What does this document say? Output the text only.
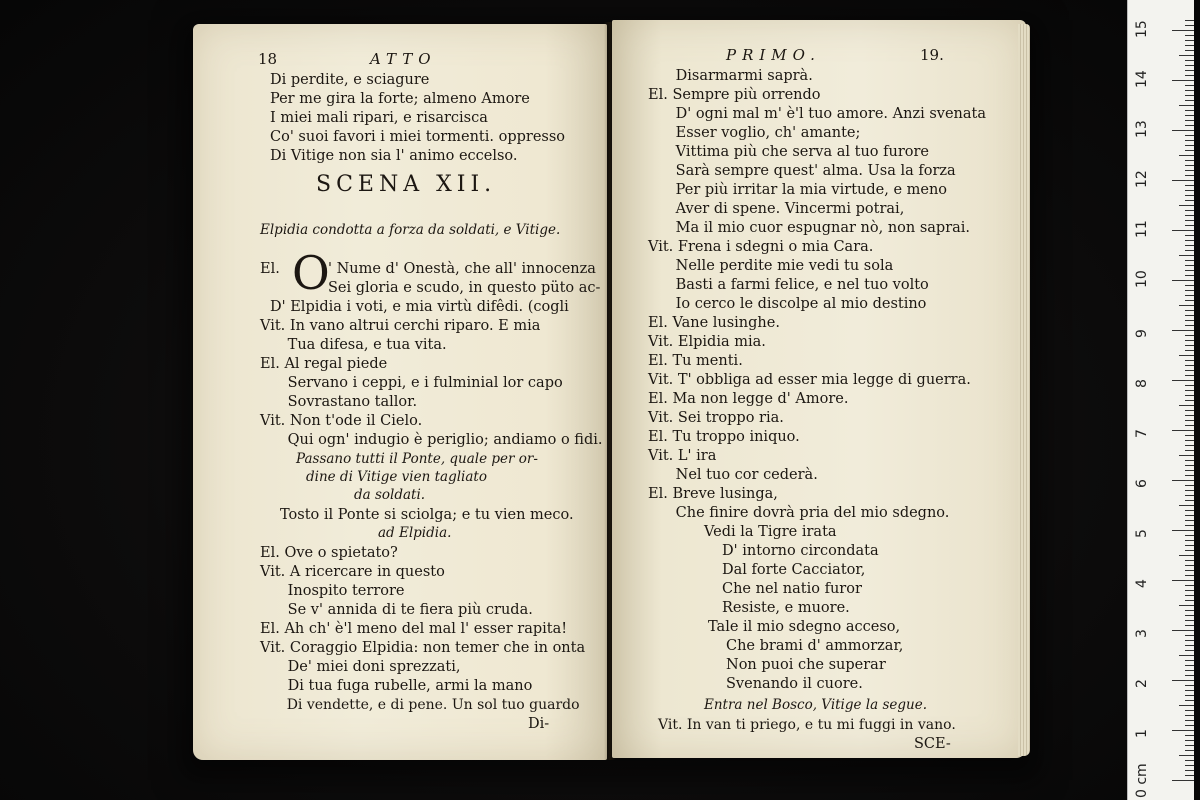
18	ATTO
Di perdite, e sciagure
Per me gira la forte; almeno Amore
I miei mali ripari, e risarcisca
Co' suoi favori i miei tormenti. oppresso
Di Vitige non sia l' animo eccelso.
SCENA XII.
Elpidia condotta a forza da soldati, e Vitige.
El. O
' Nume d' Onestà, che all' innocenza
Sei gloria e scudo, in questo püto ac-
D' Elpidia i voti, e mia virtù difêdi. (cogli
Vit. In vano altrui cerchi riparo. E mia
Tua difesa, e tua vita.
El. Al regal piede
Servano i ceppi, e i fulminial lor capo
Sovrastano tallor.
Vit. Non t'ode il Cielo.
Qui ogn' indugio è periglio; andiamo o fidi.
Passano tutti il Ponte, quale per or-
dine di Vitige vien tagliato
da soldati.
Tosto il Ponte si sciolga; e tu vien meco.
ad Elpidia.
El. Ove o spietato?
Vit. A ricercare in questo
Inospito terrore
Se v' annida di te fiera più cruda.
El. Ah ch' è'l meno del mal l' esser rapita!
Vit. Coraggio Elpidia: non temer che in onta
De' miei doni sprezzati,
Di tua fuga rubelle, armi la mano
Di vendette, e di pene. Un sol tuo guardo
Di-
PRIMO.	19.
Disarmarmi saprà.
El. Sempre più orrendo
D' ogni mal m' è'l tuo amore. Anzi svenata
Esser voglio, ch' amante;
Vittima più che serva al tuo furore
Sarà sempre quest' alma. Usa la forza
Per più irritar la mia virtude, e meno
Aver di spene. Vincermi potrai,
Ma il mio cuor espugnar nò, non saprai.
Vit. Frena i sdegni o mia Cara.
Nelle perdite mie vedi tu sola
Basti a farmi felice, e nel tuo volto
Io cerco le discolpe al mio destino
El. Vane lusinghe.
Vit. Elpidia mia.
El. Tu menti.
Vit. T' obbliga ad esser mia legge di guerra.
El. Ma non legge d' Amore.
Vit. Sei troppo ria.
El. Tu troppo iniquo.
Vit. L' ira
Nel tuo cor cederà.
El. Breve lusinga,
Che finire dovrà pria del mio sdegno.
Vedi la Tigre irata
D' intorno circondata
Dal forte Cacciator,
Che nel natio furor
Resiste, e muore.
Tale il mio sdegno acceso,
Che brami d' ammorzar,
Non puoi che superar
Svenando il cuore.
Entra nel Bosco, Vitige la segue.
Vit. In van ti priego, e tu mi fuggi in vano.
SCE-
0 cm
1
2
3
4
5
6
7
8
9
10
11
12
13
14
15
